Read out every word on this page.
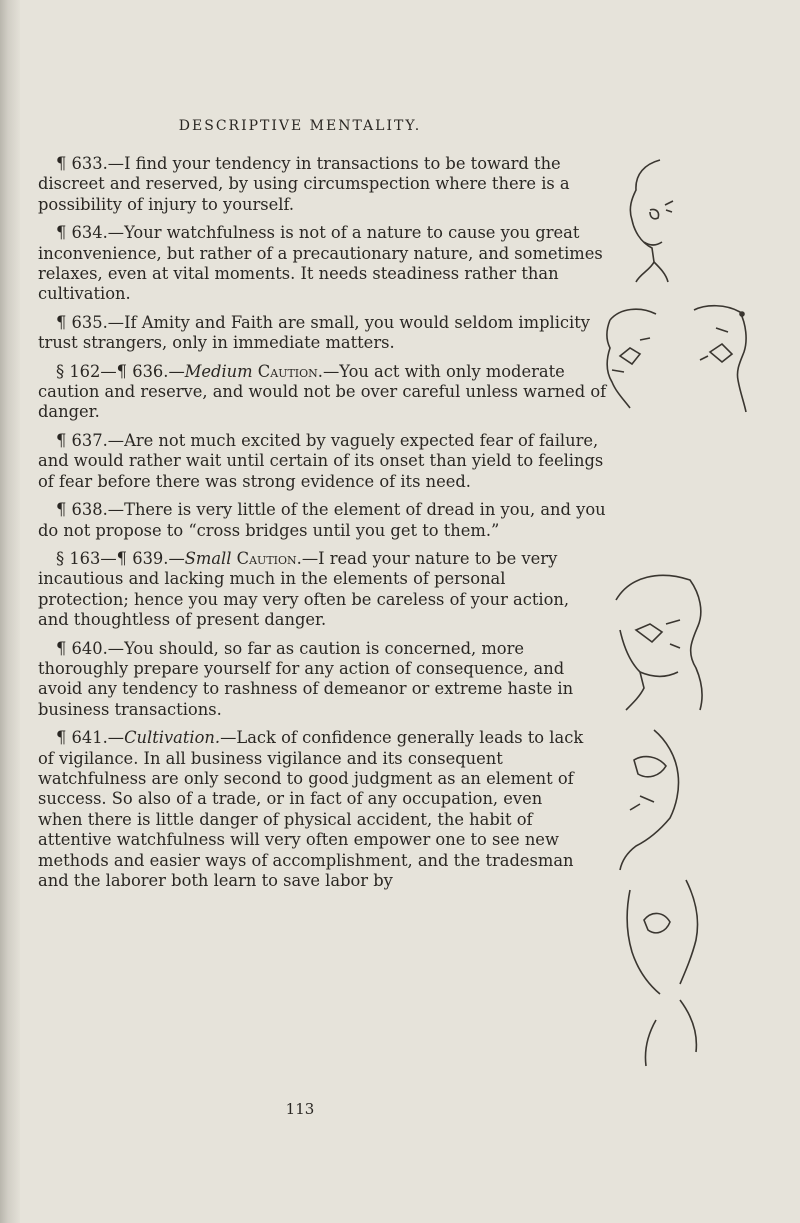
DESCRIPTIVE MENTALITY.

¶ 633.—I find your tendency in transactions to be toward the discreet and reserved, by using circumspection where there is a possibility of injury to yourself.

¶ 634.—Your watchfulness is not of a nature to cause you great inconvenience, but rather of a precautionary nature, and sometimes relaxes, even at vital moments. It needs steadiness rather than cultivation.

¶ 635.—If Amity and Faith are small, you would seldom implicity trust strangers, only in immediate matters.

§ 162—¶ 636.—Medium Caution.—You act with only moderate caution and reserve, and would not be over careful unless warned of danger.

¶ 637.—Are not much excited by vaguely expected fear of failure, and would rather wait until certain of its onset than yield to feelings of fear before there was strong evidence of its need.

¶ 638.—There is very little of the element of dread in you, and you do not propose to “cross bridges until you get to them.”

§ 163—¶ 639.—Small Caution.—I read your nature to be very incautious and lacking much in the elements of personal protection; hence you may very often be careless of your action, and thoughtless of present danger.

¶ 640.—You should, so far as caution is concerned, more thoroughly prepare yourself for any action of consequence, and avoid any tendency to rashness of demeanor or extreme haste in business transactions.

¶ 641.—Cultivation.—Lack of confidence generally leads to lack of vigilance. In all business vigilance and its consequent watchfulness are only second to good judgment as an element of success. So also of a trade, or in fact of any occupation, even when there is little danger of physical accident, the habit of attentive watchfulness will very often empower one to see new methods and easier ways of accomplishment, and the tradesman and the laborer both learn to save labor by

113
